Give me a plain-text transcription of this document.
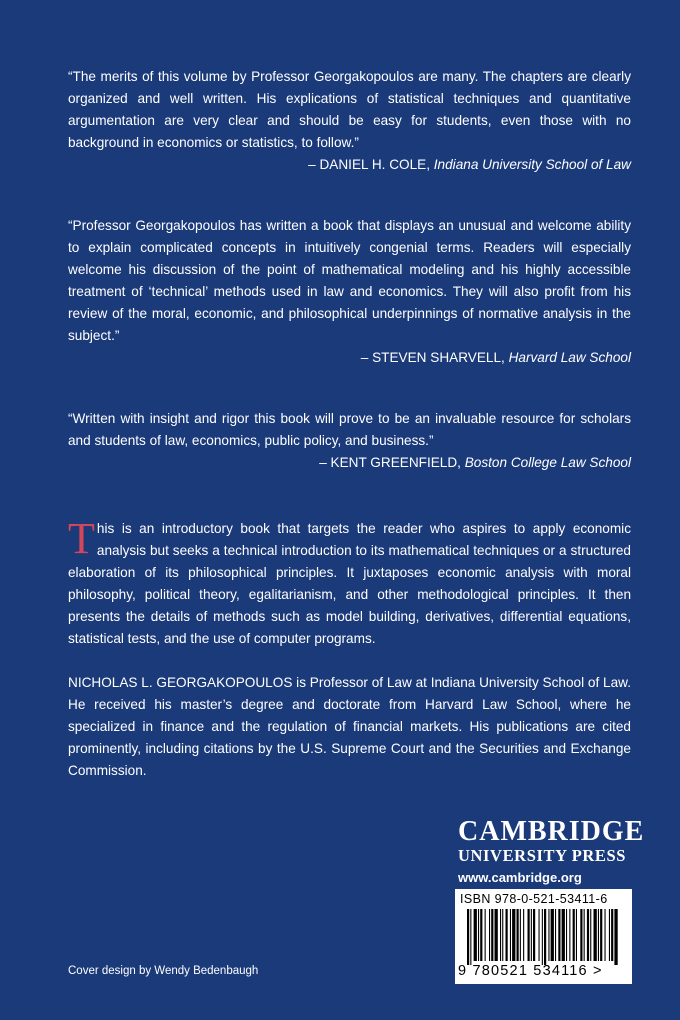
“The merits of this volume by Professor Georgakopoulos are many. The chapters are clearly organized and well written. His explications of statistical techniques and quantitative argumentation are very clear and should be easy for students, even those with no background in economics or statistics, to follow.”

– DANIEL H. COLE, Indiana University School of Law

“Professor Georgakopoulos has written a book that displays an unusual and welcome ability to explain complicated concepts in intuitively congenial terms. Readers will especially welcome his discussion of the point of mathematical modeling and his highly accessible treatment of ‘technical’ methods used in law and economics. They will also profit from his review of the moral, economic, and philosophical underpinnings of normative analysis in the subject.”

– STEVEN SHARVELL, Harvard Law School

“Written with insight and rigor this book will prove to be an invaluable resource for scholars and students of law, economics, public policy, and business.”

– KENT GREENFIELD, Boston College Law School

This is an introductory book that targets the reader who aspires to apply economic analysis but seeks a technical introduction to its mathematical techniques or a structured elaboration of its philosophical principles. It juxtaposes economic analysis with moral philosophy, political theory, egalitarianism, and other methodological principles. It then presents the details of methods such as model building, derivatives, differential equations, statistical tests, and the use of computer programs.

NICHOLAS L. GEORGAKOPOULOS is Professor of Law at Indiana University School of Law. He received his master’s degree and doctorate from Harvard Law School, where he specialized in finance and the regulation of financial markets. His publications are cited prominently, including citations by the U.S. Supreme Court and the Securities and Exchange Commission.

CAMBRIDGE
UNIVERSITY PRESS
www.cambridge.org
ISBN 978-0-521-53411-6
9 780521 534116 >
Cover design by Wendy Bedenbaugh
